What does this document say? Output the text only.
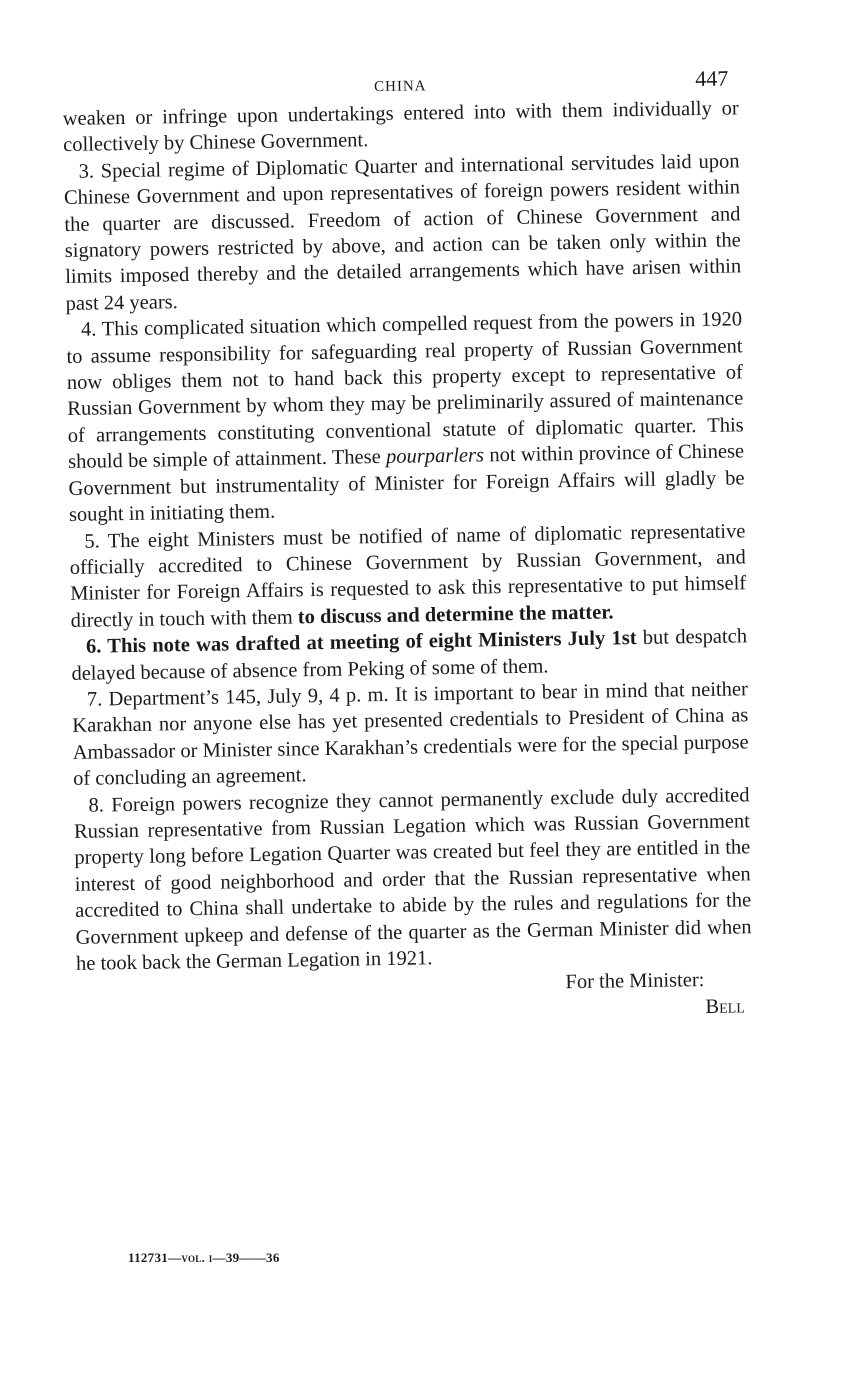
CHINA	447

weaken or infringe upon undertakings entered into with them individually or collectively by Chinese Government.

3. Special regime of Diplomatic Quarter and international servitudes laid upon Chinese Government and upon representatives of foreign powers resident within the quarter are discussed. Freedom of action of Chinese Government and signatory powers restricted by above, and action can be taken only within the limits imposed thereby and the detailed arrangements which have arisen within past 24 years.

4. This complicated situation which compelled request from the powers in 1920 to assume responsibility for safeguarding real property of Russian Government now obliges them not to hand back this property except to representative of Russian Government by whom they may be preliminarily assured of maintenance of arrangements constituting conventional statute of diplomatic quarter. This should be simple of attainment. These pourparlers not within province of Chinese Government but instrumentality of Minister for Foreign Affairs will gladly be sought in initiating them.

5. The eight Ministers must be notified of name of diplomatic representative officially accredited to Chinese Government by Russian Government, and Minister for Foreign Affairs is requested to ask this representative to put himself directly in touch with them to discuss and determine the matter.

6. This note was drafted at meeting of eight Ministers July 1st but despatch delayed because of absence from Peking of some of them.

7. Department’s 145, July 9, 4 p. m. It is important to bear in mind that neither Karakhan nor anyone else has yet presented credentials to President of China as Ambassador or Minister since Karakhan’s credentials were for the special purpose of concluding an agreement.

8. Foreign powers recognize they cannot permanently exclude duly accredited Russian representative from Russian Legation which was Russian Government property long before Legation Quarter was created but feel they are entitled in the interest of good neighborhood and order that the Russian representative when accredited to China shall undertake to abide by the rules and regulations for the Government upkeep and defense of the quarter as the German Minister did when he took back the German Legation in 1921.

For the Minister:
Bell
112731—vol. i—39——36
